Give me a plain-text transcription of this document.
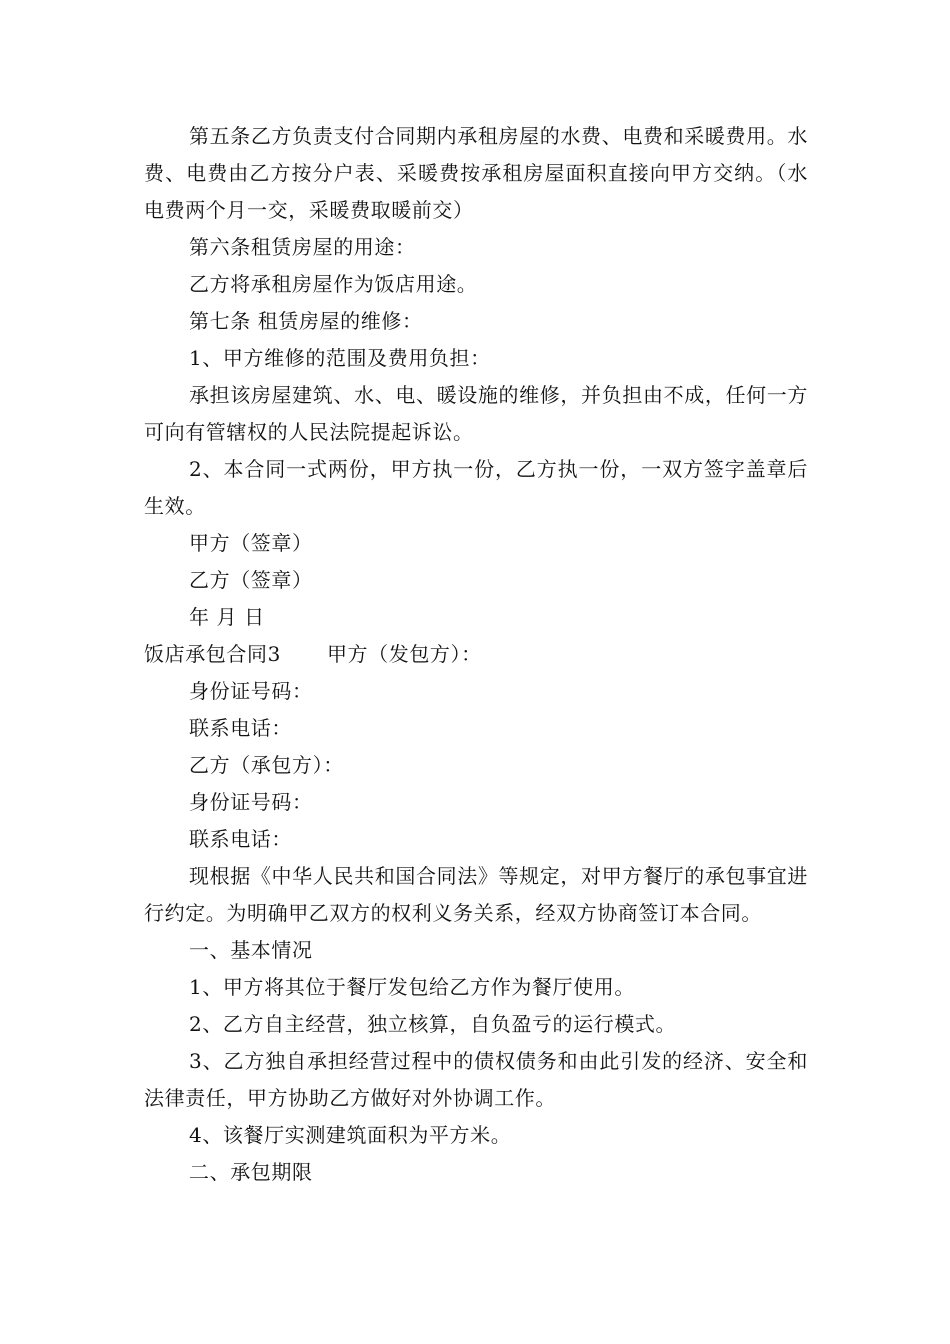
第五条乙方负责支付合同期内承租房屋的水费、电费和采暖费用。水费、电费由乙方按分户表、采暖费按承租房屋面积直接向甲方交纳。（水电费两个月一交，采暖费取暖前交）

第六条租赁房屋的用途：

乙方将承租房屋作为饭店用途。

第七条 租赁房屋的维修：

1、甲方维修的范围及费用负担：

承担该房屋建筑、水、电、暖设施的维修，并负担由不成，任何一方可向有管辖权的人民法院提起诉讼。

2、本合同一式两份，甲方执一份，乙方执一份，一双方签字盖章后生效。

甲方（签章）

乙方（签章）

年 月 日

饭店承包合同3 甲方（发包方）：

身份证号码：

联系电话：

乙方（承包方）：

身份证号码：

联系电话：

现根据《中华人民共和国合同法》等规定，对甲方餐厅的承包事宜进行约定。为明确甲乙双方的权利义务关系，经双方协商签订本合同。

一、基本情况

1、甲方将其位于餐厅发包给乙方作为餐厅使用。

2、乙方自主经营，独立核算，自负盈亏的运行模式。

3、乙方独自承担经营过程中的债权债务和由此引发的经济、安全和法律责任，甲方协助乙方做好对外协调工作。

4、该餐厅实测建筑面积为平方米。

二、承包期限
